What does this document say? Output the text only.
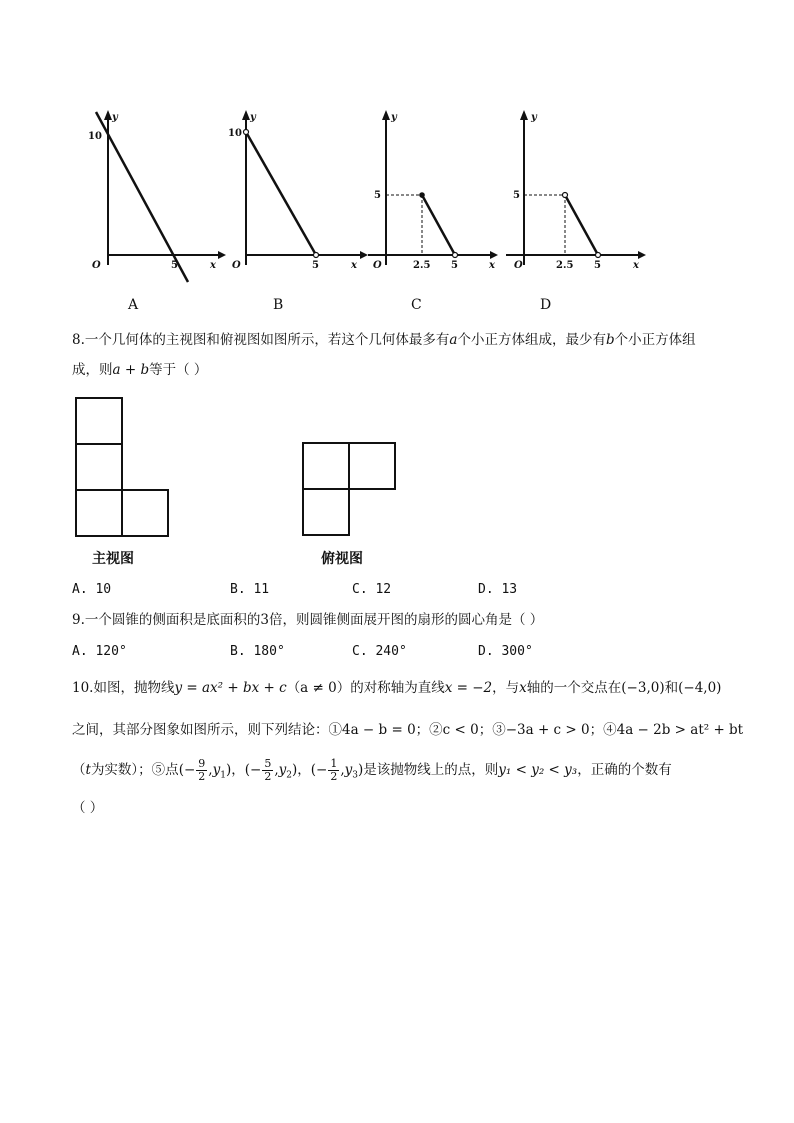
y
x
O
10
5
y
x
O
10
5
y
x
O
5
2.5 5
y
x
O
5
2.5 5
A	B	C	D
8.一个几何体的主视图和俯视图如图所示，若这个几何体最多有a个小正方体组成，最少有b个小正方体组
成，则a + b等于（ ）
主视图	俯视图
A. 10	B. 11	C. 12	D. 13
9.一个圆锥的侧面积是底面积的3倍，则圆锥侧面展开图的扇形的圆心角是（ ）
A. 120°	B. 180°	C. 240°	D. 300°
10.如图，抛物线y = ax² + bx + c（a ≠ 0）的对称轴为直线x = −2，与x轴的一个交点在(−3,0)和(−4,0)
之间，其部分图象如图所示，则下列结论：①4a − b = 0；②c < 0；③−3a + c > 0；④4a − 2b > at² + bt
（t为实数）；⑤点(− $\frac{9}{2} ,y_1$)，(− $\frac{5}{2} ,y_2$)，(− $\frac{1}{2} ,y_3$)是该抛物线上的点，则y₁ < y₂ < y₃，正确的个数有
（ ）
